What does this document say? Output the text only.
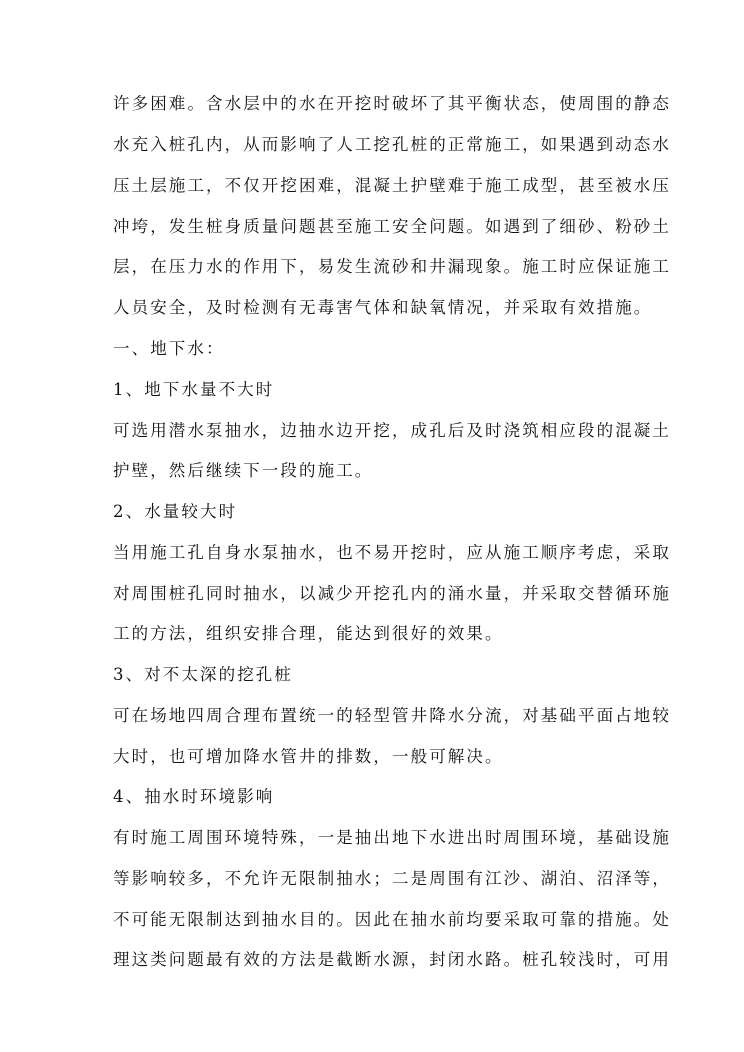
许多困难。含水层中的水在开挖时破坏了其平衡状态，使周围的静态
水充入桩孔内，从而影响了人工挖孔桩的正常施工，如果遇到动态水
压土层施工，不仅开挖困难，混凝土护壁难于施工成型，甚至被水压
冲垮，发生桩身质量问题甚至施工安全问题。如遇到了细砂、粉砂土
层，在压力水的作用下，易发生流砂和井漏现象。施工时应保证施工
人员安全，及时检测有无毒害气体和缺氧情况，并采取有效措施。
一、地下水：
1、地下水量不大时
可选用潜水泵抽水，边抽水边开挖，成孔后及时浇筑相应段的混凝土
护壁，然后继续下一段的施工。
2、水量较大时
当用施工孔自身水泵抽水，也不易开挖时，应从施工顺序考虑，采取
对周围桩孔同时抽水，以减少开挖孔内的涌水量，并采取交替循环施
工的方法，组织安排合理，能达到很好的效果。
3、对不太深的挖孔桩
可在场地四周合理布置统一的轻型管井降水分流，对基础平面占地较
大时，也可增加降水管井的排数，一般可解决。
4、抽水时环境影响
有时施工周围环境特殊，一是抽出地下水进出时周围环境，基础设施
等影响较多，不允许无限制抽水；二是周围有江沙、湖泊、沼泽等，
不可能无限制达到抽水目的。因此在抽水前均要采取可靠的措施。处
理这类问题最有效的方法是截断水源，封闭水路。桩孔较浅时，可用
